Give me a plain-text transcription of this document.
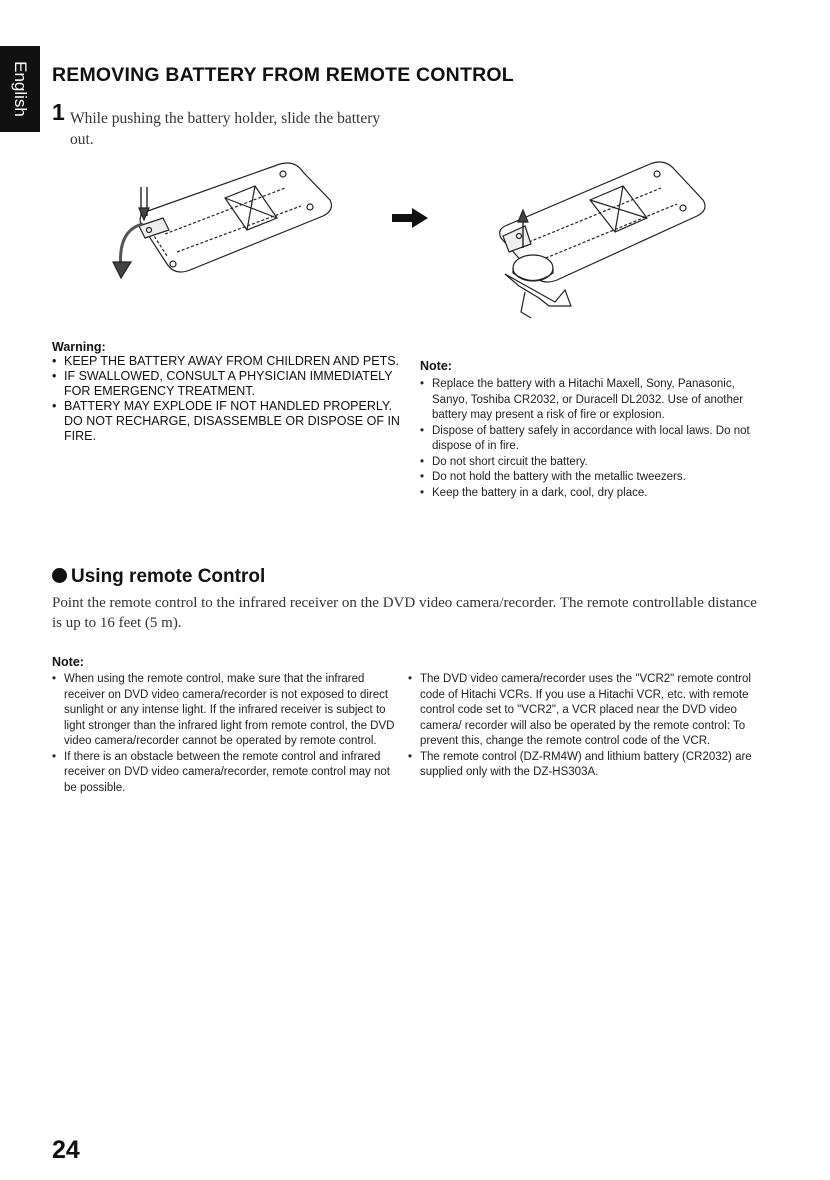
English REMOVING BATTERY FROM REMOTE CONTROL
1 While pushing the battery holder, slide the battery out.
Warning:
• KEEP THE BATTERY AWAY FROM CHILDREN AND PETS.
• IF SWALLOWED, CONSULT A PHYSICIAN IMMEDIATELY FOR EMERGENCY TREATMENT.
• BATTERY MAY EXPLODE IF NOT HANDLED PROPERLY. DO NOT RECHARGE, DISASSEMBLE OR DISPOSE OF IN FIRE.
Note:
• Replace the battery with a Hitachi Maxell, Sony, Panasonic, Sanyo, Toshiba CR2032, or Duracell DL2032. Use of another battery may present a risk of fire or explosion.
• Dispose of battery safely in accordance with local laws. Do not dispose of in fire.
• Do not short circuit the battery.
• Do not hold the battery with the metallic tweezers.
• Keep the battery in a dark, cool, dry place.
Using remote Control

Point the remote control to the infrared receiver on the DVD video camera/recorder. The remote controllable distance is up to 16 feet (5 m).

Note:
• When using the remote control, make sure that the infrared receiver on DVD video camera/recorder is not exposed to direct sunlight or any intense light. If the infrared receiver is subject to light stronger than the infrared light from remote control, the DVD video camera/recorder cannot be operated by remote control.
• If there is an obstacle between the remote control and infrared receiver on DVD video camera/recorder, remote control may not be possible.
• The DVD video camera/recorder uses the "VCR2" remote control code of Hitachi VCRs. If you use a Hitachi VCR, etc. with remote control code set to "VCR2", a VCR placed near the DVD video camera/ recorder will also be operated by the remote control: To prevent this, change the remote control code of the VCR.
• The remote control (DZ-RM4W) and lithium battery (CR2032) are supplied only with the DZ-HS303A.
24
